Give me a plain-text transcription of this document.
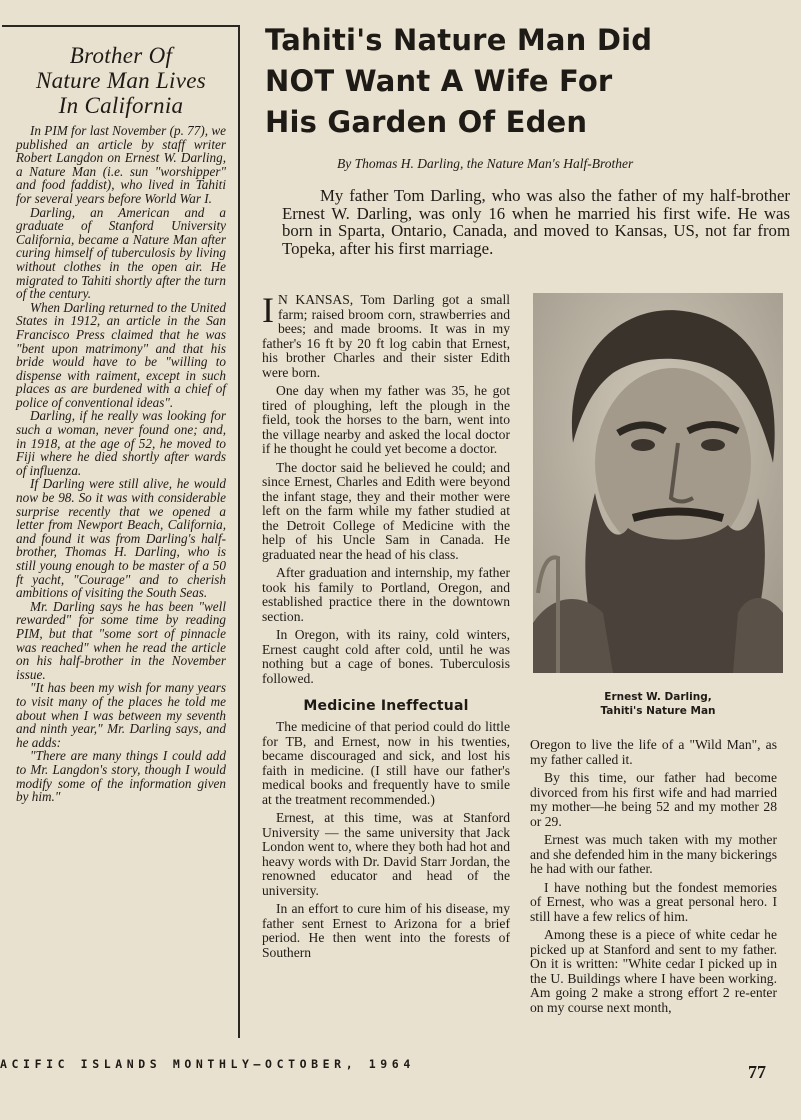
Brother Of
Nature Man Lives
In California

In PIM for last November (p. 77), we published an article by staff writer Robert Langdon on Ernest W. Darling, a Nature Man (i.e. sun "worshipper" and food faddist), who lived in Tahiti for several years before World War I.

Darling, an American and a graduate of Stanford University California, became a Nature Man after curing himself of tuberculosis by living without clothes in the open air. He migrated to Tahiti shortly after the turn of the century.

When Darling returned to the United States in 1912, an article in the San Francisco Press claimed that he was "bent upon matrimony" and that his bride would have to be "willing to dispense with raiment, except in such places as are burdened with a chief of police of conventional ideas".

Darling, if he really was looking for such a woman, never found one; and, in 1918, at the age of 52, he moved to Fiji where he died shortly after wards of influenza.

If Darling were still alive, he would now be 98. So it was with considerable surprise recently that we opened a letter from Newport Beach, California, and found it was from Darling's half-brother, Thomas H. Darling, who is still young enough to be master of a 50 ft yacht, "Courage" and to cherish ambitions of visiting the South Seas.

Mr. Darling says he has been "well rewarded" for some time by reading PIM, but that "some sort of pinnacle was reached" when he read the article on his half-brother in the November issue.

"It has been my wish for many years to visit many of the places he told me about when I was between my seventh and ninth year," Mr. Darling says, and he adds:

"There are many things I could add to Mr. Langdon's story, though I would modify some of the information given by him."

Tahiti's Nature Man Did
NOT Want A Wife For
His Garden Of Eden
By Thomas H. Darling, the Nature Man's Half-Brother

My father Tom Darling, who was also the father of my half-brother Ernest W. Darling, was only 16 when he married his first wife. He was born in Sparta, Ontario, Canada, and moved to Kansas, US, not far from Topeka, after his first marriage.

I N KANSAS, Tom Darling got a small farm; raised broom corn, strawberries and bees; and made brooms. It was in my father's 16 ft by 20 ft log cabin that Ernest, his brother Charles and their sister Edith were born.

One day when my father was 35, he got tired of ploughing, left the plough in the field, took the horses to the barn, went into the village nearby and asked the local doctor if he thought he could yet become a doctor.

The doctor said he believed he could; and since Ernest, Charles and Edith were beyond the infant stage, they and their mother were left on the farm while my father studied at the Detroit College of Medicine with the help of his Uncle Sam in Canada. He graduated near the head of his class.

After graduation and internship, my father took his family to Portland, Oregon, and established practice there in the downtown section.

In Oregon, with its rainy, cold winters, Ernest caught cold after cold, until he was nothing but a cage of bones. Tuberculosis followed.

Medicine Ineffectual

The medicine of that period could do little for TB, and Ernest, now in his twenties, became discouraged and sick, and lost his faith in medicine. (I still have our father's medical books and frequently have to smile at the treatment recommended.)

Ernest, at this time, was at Stanford University — the same university that Jack London went to, where they both had hot and heavy words with Dr. David Starr Jordan, the renowned educator and head of the university.

In an effort to cure him of his disease, my father sent Ernest to Arizona for a brief period. He then went into the forests of Southern

Ernest W. Darling,
Tahiti's Nature Man

Oregon to live the life of a "Wild Man", as my father called it.

By this time, our father had become divorced from his first wife and had married my mother—he being 52 and my mother 28 or 29.

Ernest was much taken with my mother and she defended him in the many bickerings he had with our father.

I have nothing but the fondest memories of Ernest, who was a great personal hero. I still have a few relics of him.

Among these is a piece of white cedar he picked up at Stanford and sent to my father. On it is written: "White cedar I picked up in the U. Buildings where I have been working. Am going 2 make a strong effort 2 re-enter on my course next month,

ACIFIC ISLANDS MONTHLY—OCTOBER, 1964	77
